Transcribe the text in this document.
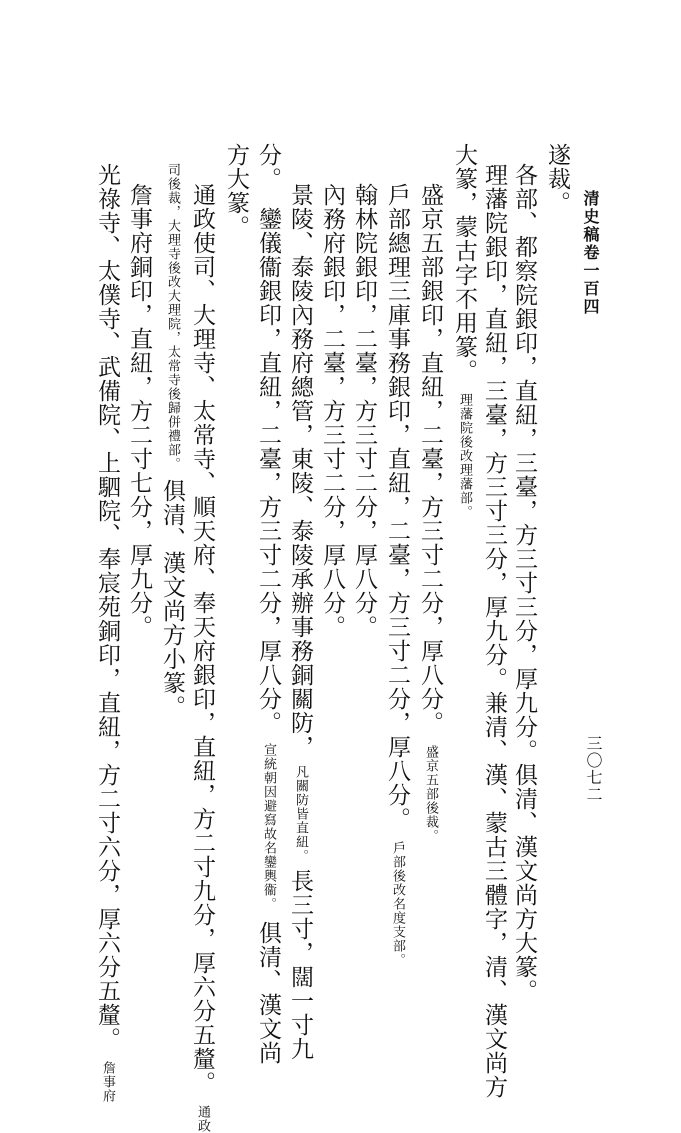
清史稿卷一百四
三〇七二
遂裁。
各部、都察院銀印，直紐，三臺，方三寸三分，厚九分。俱清、漢文尚方大篆。
理藩院銀印，直紐，三臺，方三寸三分，厚九分。兼清、漢、蒙古三體字，清、漢文尚方
大篆，蒙古字不用篆。理藩院後改理藩部。
盛京五部銀印，直紐，二臺，方三寸二分，厚八分。盛京五部後裁。
戶部總理三庫事務銀印，直紐，二臺，方三寸二分，厚八分。戶部後改名度支部。
翰林院銀印，二臺，方三寸二分，厚八分。
內務府銀印，二臺，方三寸二分，厚八分。
景陵、泰陵內務府總管，東陵、泰陵承辦事務銅關防，凡關防皆直紐。長三寸，闊一寸九
分。鑾儀衞銀印，直紐，二臺，方三寸二分，厚八分。宣統朝因避寫故名鑾輿衞。俱清、漢文尚
方大篆。
通政使司、大理寺、太常寺、順天府、奉天府銀印，直紐，方二寸九分，厚六分五釐。通政
司後裁，大理寺後改大理院，太常寺後歸併禮部。俱清、漢文尚方小篆。
詹事府銅印，直紐，方二寸七分，厚九分。
光祿寺、太僕寺、武備院、上駟院、奉宸苑銅印，直紐，方二寸六分，厚六分五釐。詹事府
